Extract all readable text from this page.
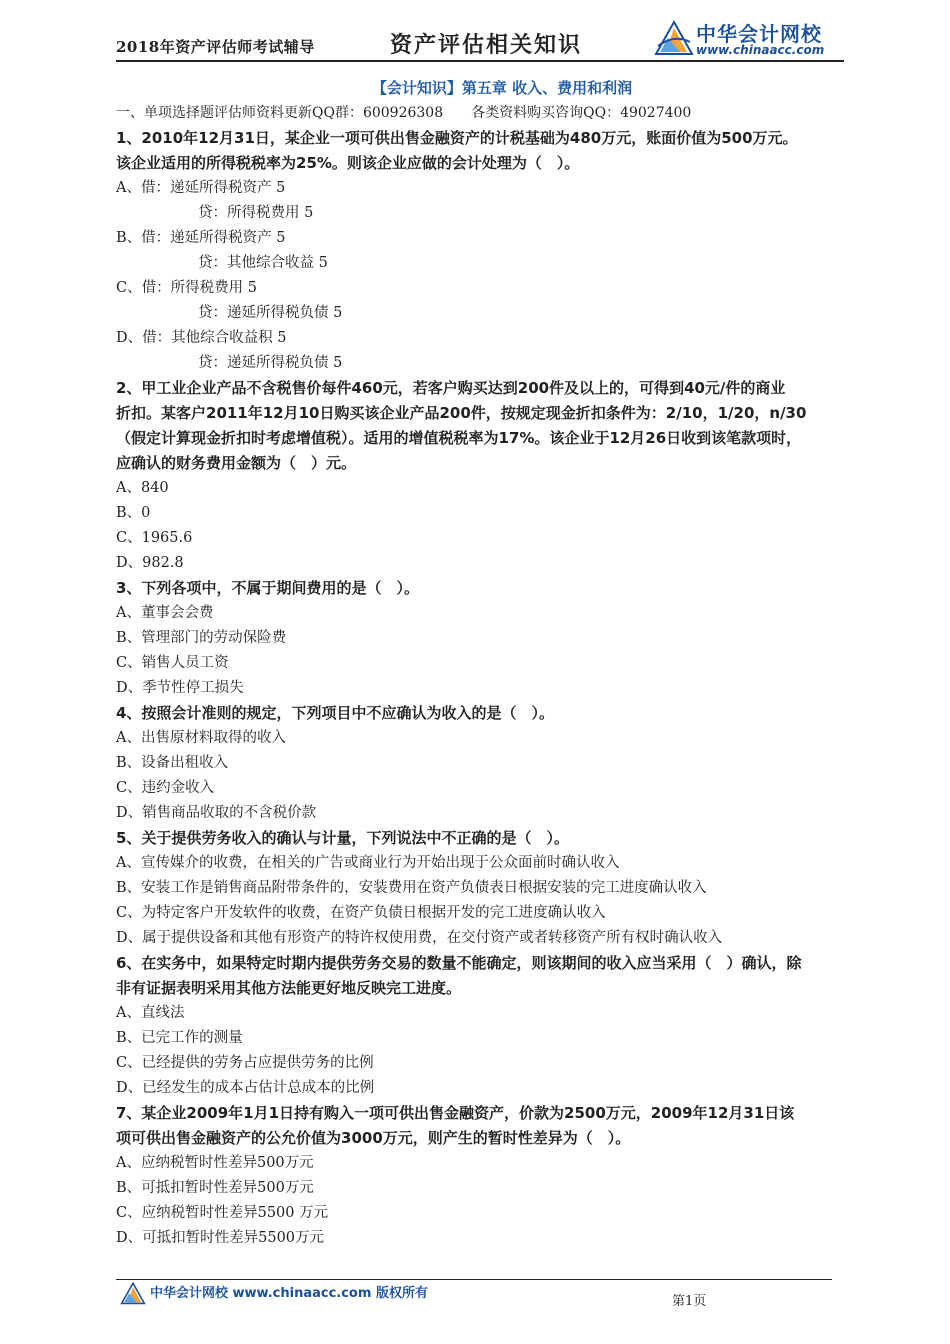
2018年资产评估师考试辅导	资产评估相关知识	中华会计网校
www.chinaacc.com
【会计知识】第五章 收入、费用和利润
一、单项选择题评估师资料更新QQ群：600926308　　各类资料购买咨询QQ：49027400
1、2010年12月31日，某企业一项可供出售金融资产的计税基础为480万元，账面价值为500万元。
该企业适用的所得税税率为25%。则该企业应做的会计处理为（　）。
A、借：递延所得税资产 5
贷：所得税费用 5
B、借：递延所得税资产 5
贷：其他综合收益 5
C、借：所得税费用 5
贷：递延所得税负债 5
D、借：其他综合收益积 5
贷：递延所得税负债 5
2、甲工业企业产品不含税售价每件460元，若客户购买达到200件及以上的，可得到40元/件的商业
折扣。某客户2011年12月10日购买该企业产品200件，按规定现金折扣条件为：2/10，1/20，n/30
（假定计算现金折扣时考虑增值税）。适用的增值税税率为17%。该企业于12月26日收到该笔款项时，
应确认的财务费用金额为（　）元。
A、840
B、0
C、1965.6
D、982.8
3、下列各项中，不属于期间费用的是（　）。
A、董事会会费
B、管理部门的劳动保险费
C、销售人员工资
D、季节性停工损失
4、按照会计准则的规定，下列项目中不应确认为收入的是（　）。
A、出售原材料取得的收入
B、设备出租收入
C、违约金收入
D、销售商品收取的不含税价款
5、关于提供劳务收入的确认与计量，下列说法中不正确的是（　）。
A、宣传媒介的收费，在相关的广告或商业行为开始出现于公众面前时确认收入
B、安装工作是销售商品附带条件的，安装费用在资产负债表日根据安装的完工进度确认收入
C、为特定客户开发软件的收费，在资产负债日根据开发的完工进度确认收入
D、属于提供设备和其他有形资产的特许权使用费，在交付资产或者转移资产所有权时确认收入
6、在实务中，如果特定时期内提供劳务交易的数量不能确定，则该期间的收入应当采用（　）确认，除
非有证据表明采用其他方法能更好地反映完工进度。
A、直线法
B、已完工作的测量
C、已经提供的劳务占应提供劳务的比例
D、已经发生的成本占估计总成本的比例
7、某企业2009年1月1日持有购入一项可供出售金融资产，价款为2500万元，2009年12月31日该
项可供出售金融资产的公允价值为3000万元，则产生的暂时性差异为（　）。
A、应纳税暂时性差异500万元
B、可抵扣暂时性差异500万元
C、应纳税暂时性差异5500 万元
D、可抵扣暂时性差异5500万元
中华会计网校 www.chinaacc.com 版权所有
第1页
